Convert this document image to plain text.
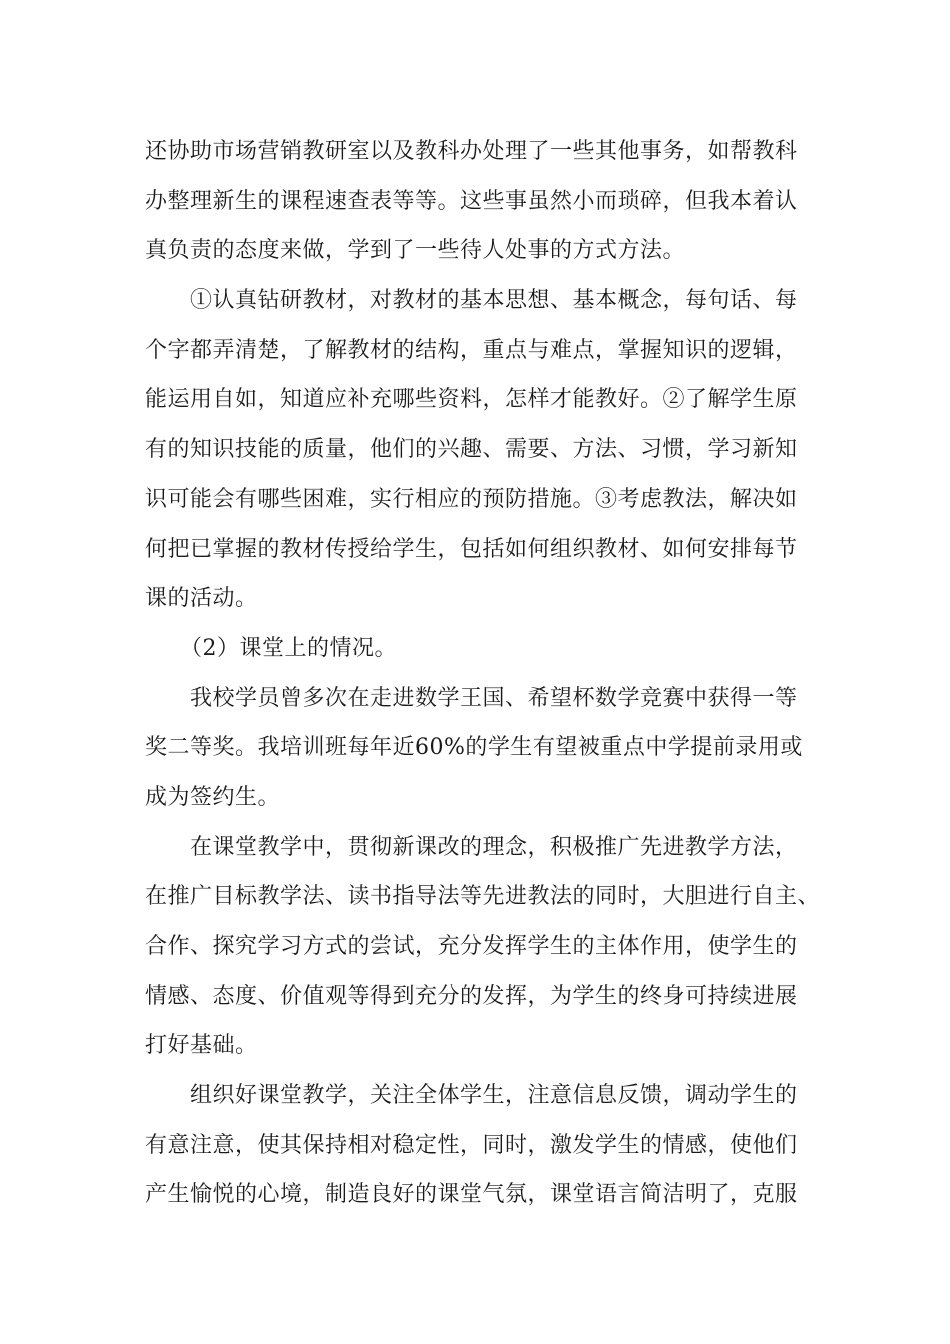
还协助市场营销教研室以及教科办处理了一些其他事务，如帮教科
办整理新生的课程速查表等等。这些事虽然小而琐碎，但我本着认
真负责的态度来做，学到了一些待人处事的方式方法。
①认真钻研教材，对教材的基本思想、基本概念，每句话、每
个字都弄清楚，了解教材的结构，重点与难点，掌握知识的逻辑，
能运用自如，知道应补充哪些资料，怎样才能教好。②了解学生原
有的知识技能的质量，他们的兴趣、需要、方法、习惯，学习新知
识可能会有哪些困难，实行相应的预防措施。③考虑教法，解决如
何把已掌握的教材传授给学生，包括如何组织教材、如何安排每节
课的活动。
（2）课堂上的情况。
我校学员曾多次在走进数学王国、希望杯数学竞赛中获得一等
奖二等奖。我培训班每年近60%的学生有望被重点中学提前录用或
成为签约生。
在课堂教学中，贯彻新课改的理念，积极推广先进教学方法，
在推广目标教学法、读书指导法等先进教法的同时，大胆进行自主、
合作、探究学习方式的尝试，充分发挥学生的主体作用，使学生的
情感、态度、价值观等得到充分的发挥，为学生的终身可持续进展
打好基础。
组织好课堂教学，关注全体学生，注意信息反馈，调动学生的
有意注意，使其保持相对稳定性，同时，激发学生的情感，使他们
产生愉悦的心境，制造良好的课堂气氛，课堂语言简洁明了，克服
